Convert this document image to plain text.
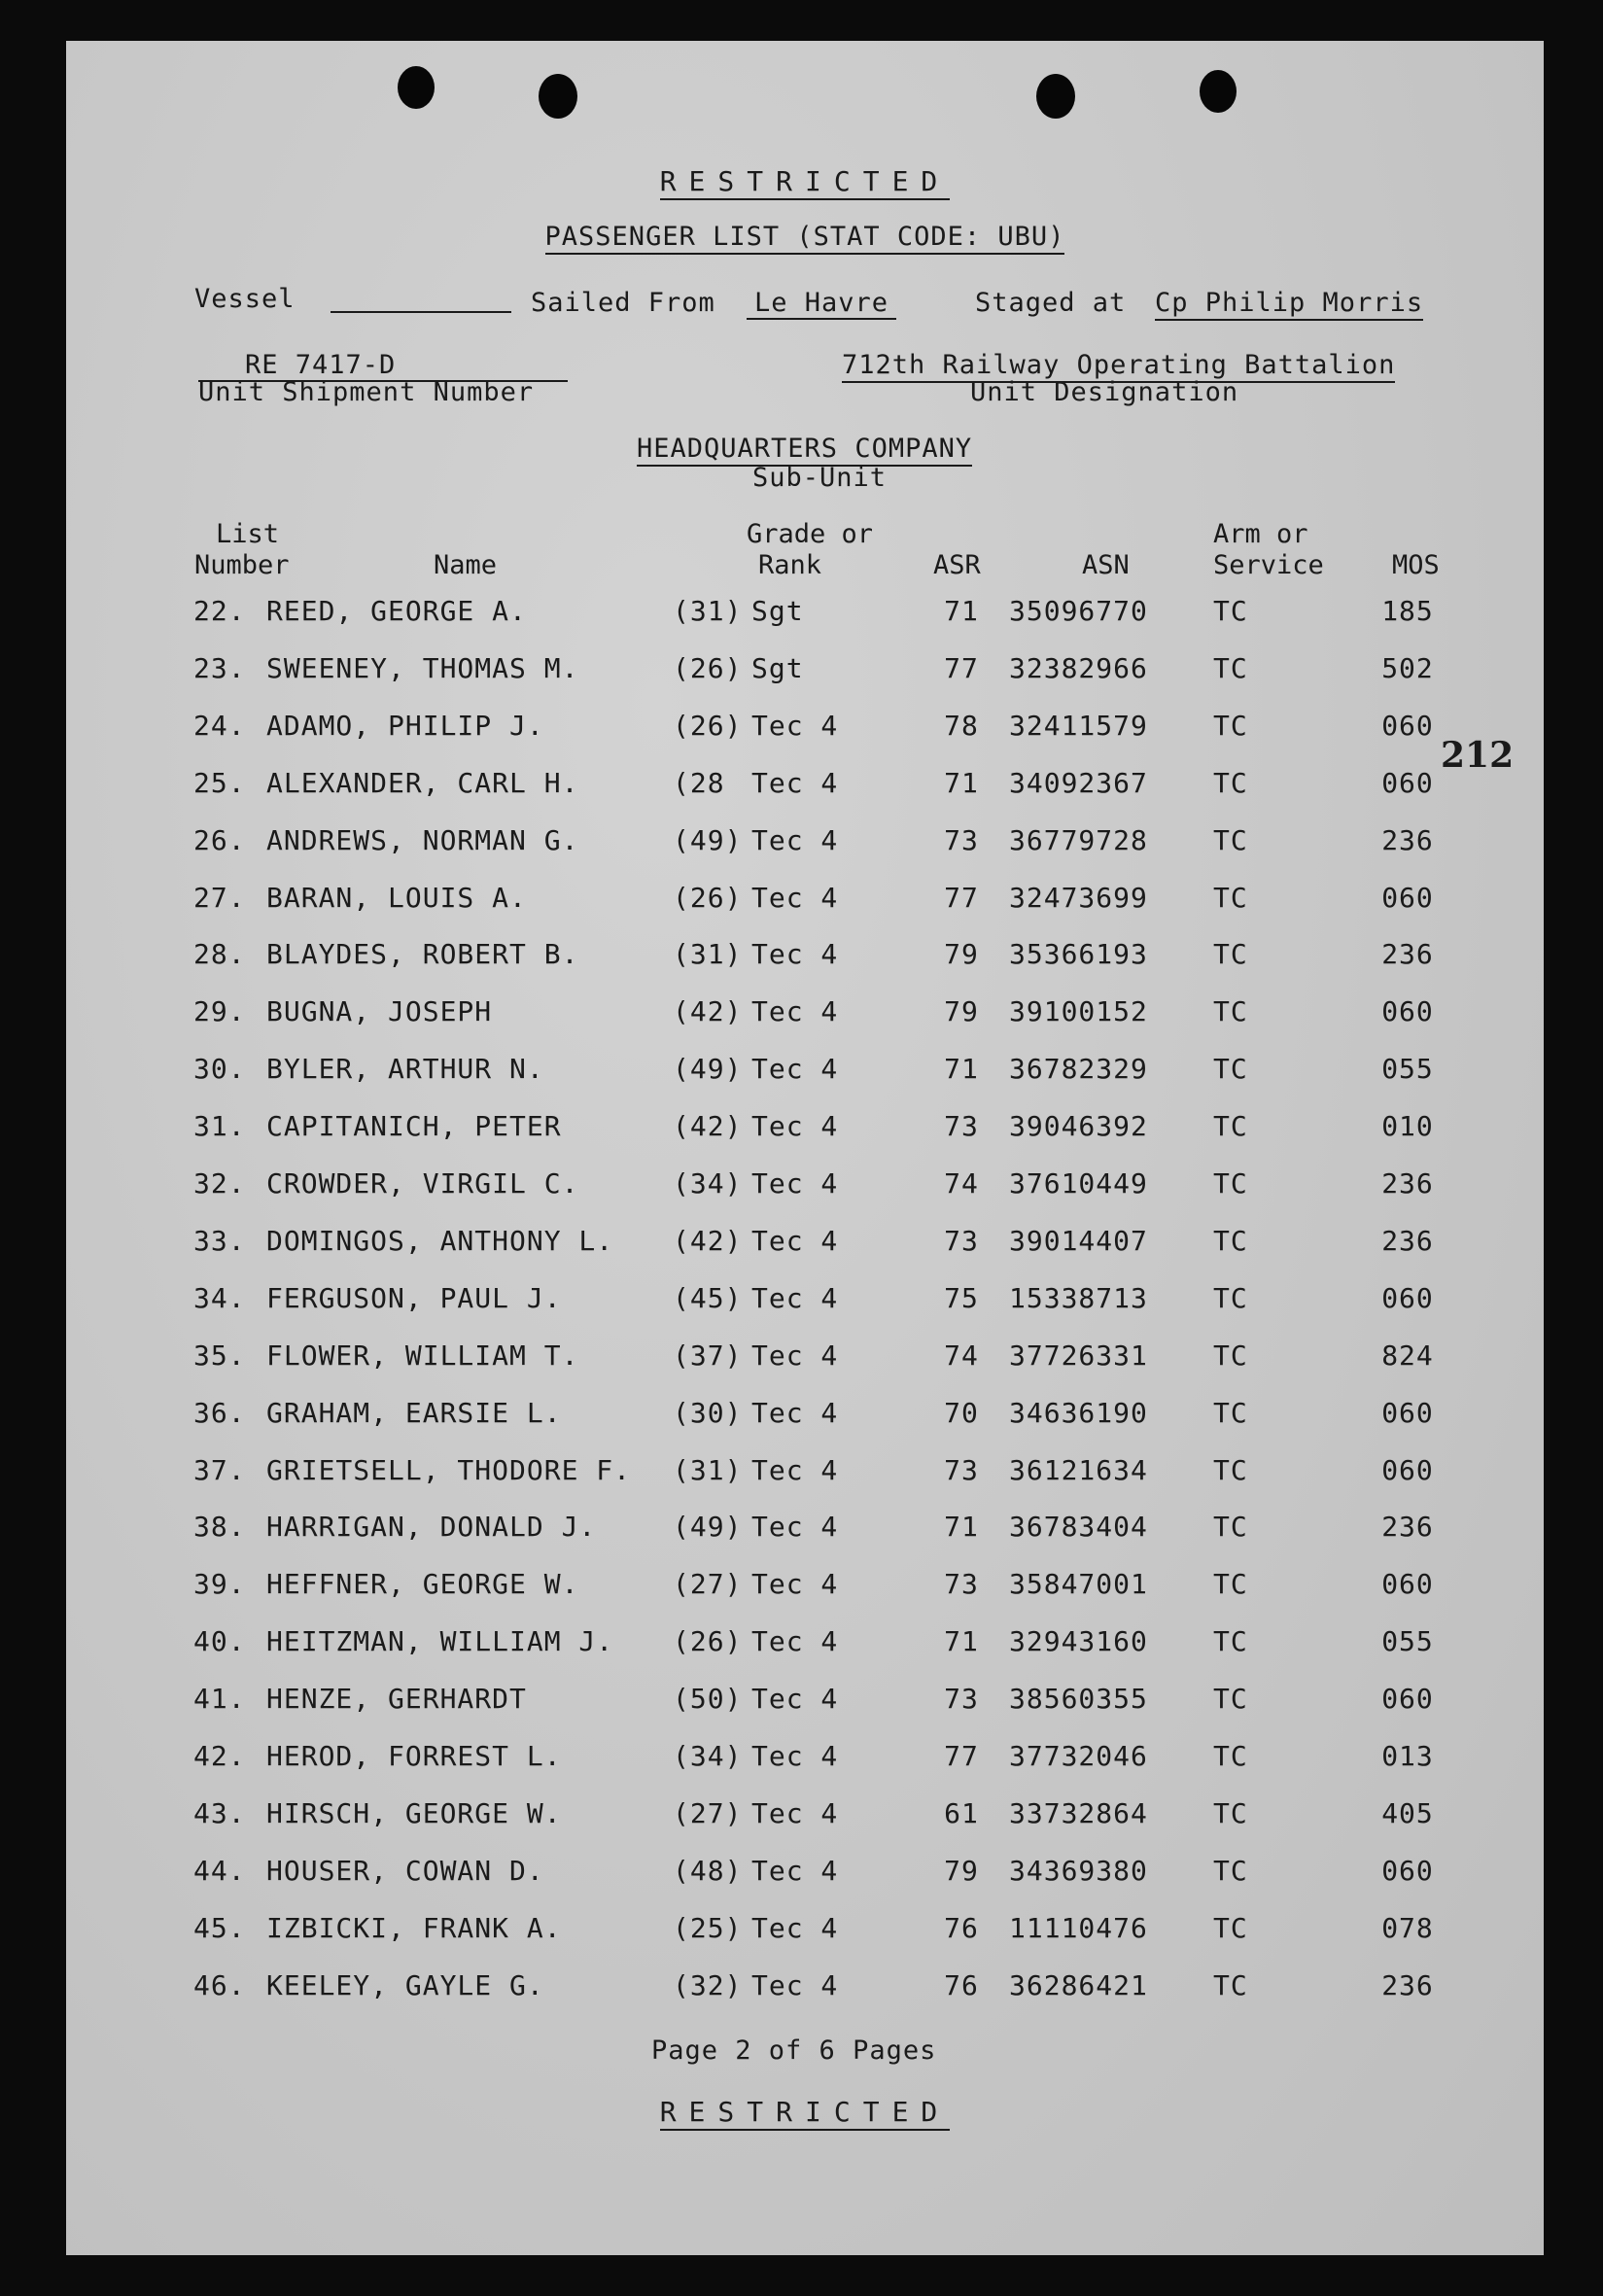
RESTRICTED
PASSENGER LIST (STAT CODE: UBU)
Vessel	Sailed From Le Havre	Staged at Cp Philip Morris
RE 7417-D
Unit Shipment Number
712th Railway Operating Battalion
Unit Designation
HEADQUARTERS COMPANY
Sub-Unit
List
Number	Name
Grade or
Rank	ASR	ASN
Arm or
Service	MOS
22. REED, GEORGE A.	(31) Sgt	71	35096770 TC	185
23. SWEENEY, THOMAS M.	(26) Sgt	77	32382966 TC	502
24. ADAMO, PHILIP J.	(26) Tec 4	78	32411579 TC	060
25. ALEXANDER, CARL H.	(28 Tec 4	71	34092367 TC	060
26. ANDREWS, NORMAN G.	(49) Tec 4	73	36779728 TC	236
27. BARAN, LOUIS A.	(26) Tec 4	77	32473699 TC	060
28. BLAYDES, ROBERT B.	(31) Tec 4	79	35366193 TC	236
29. BUGNA, JOSEPH	(42) Tec 4	79	39100152 TC	060
30. BYLER, ARTHUR N.	(49) Tec 4	71	36782329 TC	055
31. CAPITANICH, PETER	(42) Tec 4	73	39046392 TC	010
32. CROWDER, VIRGIL C.	(34) Tec 4	74	37610449 TC	236
33. DOMINGOS, ANTHONY L. (42) Tec 4	73	39014407 TC	236
34. FERGUSON, PAUL J.	(45) Tec 4	75	15338713 TC	060
35. FLOWER, WILLIAM T.	(37) Tec 4	74	37726331 TC	824
36. GRAHAM, EARSIE L.	(30) Tec 4	70	34636190 TC	060
37. GRIETSELL, THODORE F. (31) Tec 4	73	36121634 TC	060
38. HARRIGAN, DONALD J.	(49) Tec 4	71	36783404 TC	236
39. HEFFNER, GEORGE W.	(27) Tec 4	73	35847001 TC	060
40. HEITZMAN, WILLIAM J. (26) Tec 4	71	32943160 TC	055
41. HENZE, GERHARDT	(50) Tec 4	73	38560355 TC	060
42. HEROD, FORREST L.	(34) Tec 4	77	37732046 TC	013
43. HIRSCH, GEORGE W.	(27) Tec 4	61	33732864 TC	405
44. HOUSER, COWAN D.	(48) Tec 4	79	34369380 TC	060
45. IZBICKI, FRANK A.	(25) Tec 4	76	11110476 TC	078
46. KEELEY, GAYLE G.	(32) Tec 4	76	36286421 TC	236
212
Page 2 of 6 Pages
RESTRICTED
